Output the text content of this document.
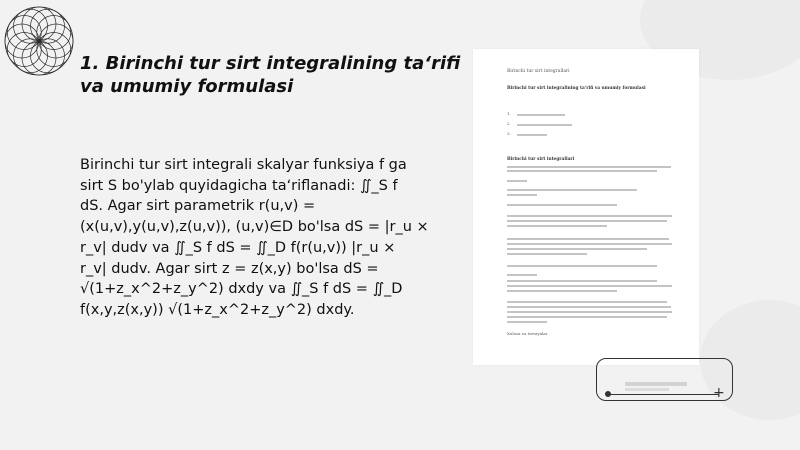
1. Birinchi tur sirt integralining ta‘rifi
va umumiy formulasi
Birinchi tur sirt integrali skalyar funksiya f ga
sirt S bo'ylab quyidagicha ta‘riflanadi: ∬_S f
dS. Agar sirt parametrik r(u,v) =
(x(u,v),y(u,v),z(u,v)), (u,v)∈D bo'lsa dS = |r_u ×
r_v| dudv va ∬_S f dS = ∬_D f(r(u,v)) |r_u ×
r_v| dudv. Agar sirt z = z(x,y) bo'lsa dS =
√(1+z_x^2+z_y^2) dxdy va ∬_S f dS = ∬_D
f(x,y,z(x,y)) √(1+z_x^2+z_y^2) dxdy.
Birinchi tur sirt integrallari
Birinchi tur sirt integralining ta‘rifi va umumiy formulasi
1.
2.
3.
Birinchi tur sirt integrallari
Xulosa va tavsiyalar
+
